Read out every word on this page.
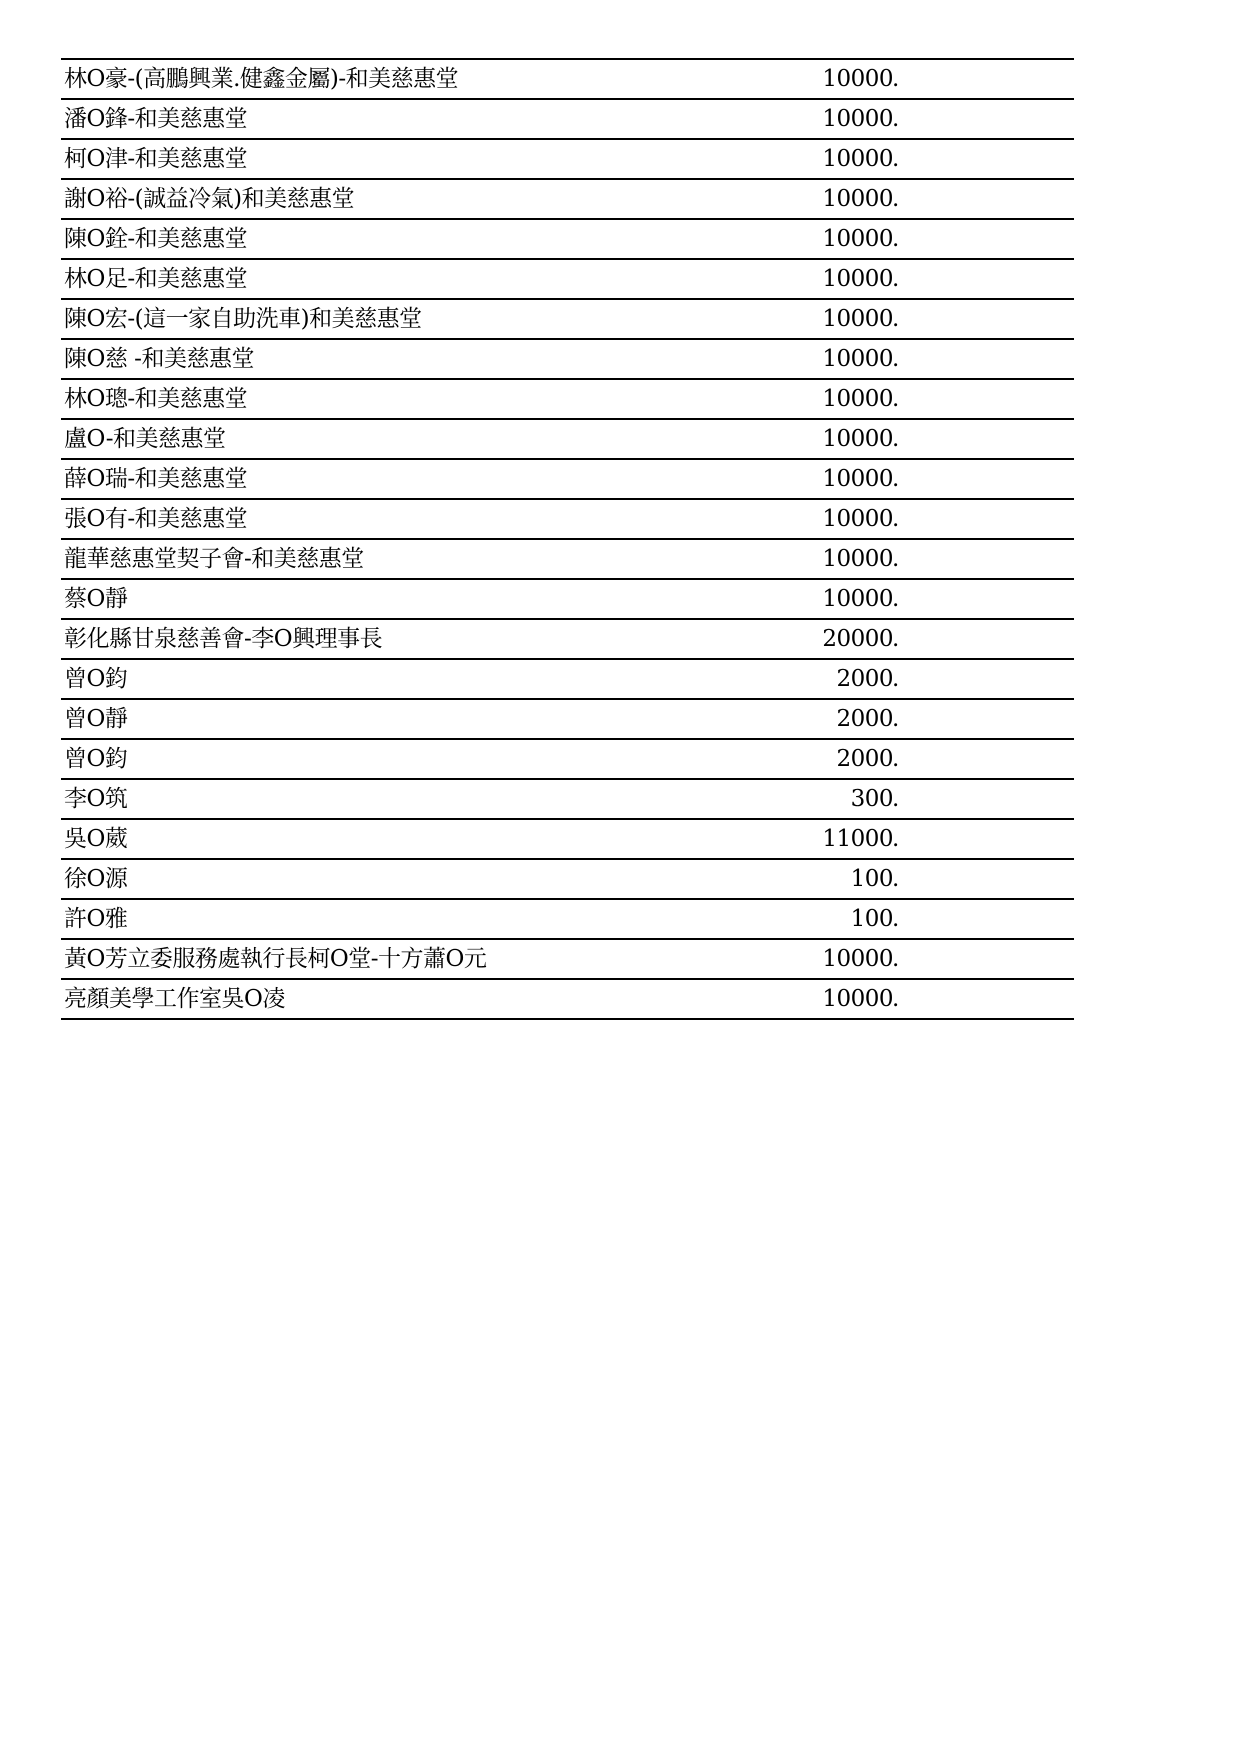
林O豪-(高鵬興業.健鑫金屬)-和美慈惠堂	10000 .
潘O鋒-和美慈惠堂	10000 .
柯O津-和美慈惠堂	10000 .
謝O裕-(誠益冷氣)和美慈惠堂	10000 .
陳O銓-和美慈惠堂	10000 .
林O足-和美慈惠堂	10000 .
陳O宏-(這一家自助洗車)和美慈惠堂	10000 .
陳O慈 -和美慈惠堂	10000 .
林O璁-和美慈惠堂	10000 .
盧O-和美慈惠堂	10000 .
薛O瑞-和美慈惠堂	10000 .
張O有-和美慈惠堂	10000 .
龍華慈惠堂契子會-和美慈惠堂	10000 .
蔡O靜	10000 .
彰化縣甘泉慈善會-李O興理事長	20000 .
曾O鈞	2000 .
曾O靜	2000 .
曾O鈞	2000 .
李O筑	300 .
吳O葳	11000 .
徐O源	100 .
許O雅	100 .
黃O芳立委服務處執行長柯O堂-十方蕭O元	10000 .
亮顏美學工作室吳O凌	10000 .
